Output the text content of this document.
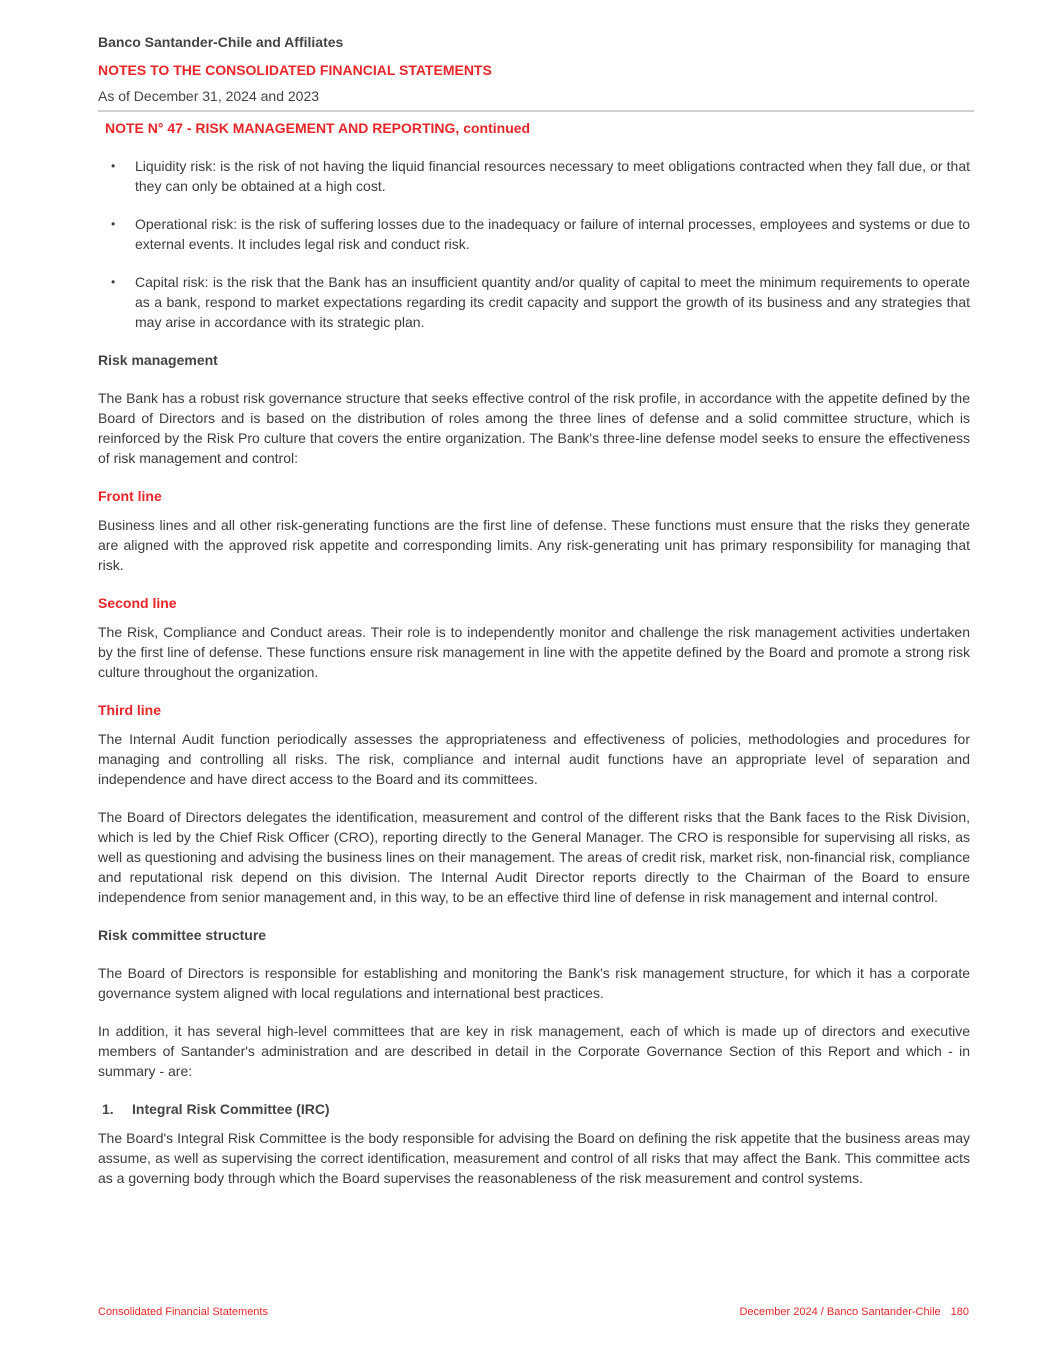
Banco Santander-Chile and Affiliates
NOTES TO THE CONSOLIDATED FINANCIAL STATEMENTS
As of December 31, 2024 and 2023
NOTE N° 47 - RISK MANAGEMENT AND REPORTING, continued
• Liquidity risk: is the risk of not having the liquid financial resources necessary to meet obligations contracted when they fall due, or that they can only be obtained at a high cost.
• Operational risk: is the risk of suffering losses due to the inadequacy or failure of internal processes, employees and systems or due to external events. It includes legal risk and conduct risk.
• Capital risk: is the risk that the Bank has an insufficient quantity and/or quality of capital to meet the minimum requirements to operate as a bank, respond to market expectations regarding its credit capacity and support the growth of its business and any strategies that may arise in accordance with its strategic plan.

Risk management

The Bank has a robust risk governance structure that seeks effective control of the risk profile, in accordance with the appetite defined by the Board of Directors and is based on the distribution of roles among the three lines of defense and a solid committee structure, which is reinforced by the Risk Pro culture that covers the entire organization. The Bank's three-line defense model seeks to ensure the effectiveness of risk management and control:

Front line

Business lines and all other risk-generating functions are the first line of defense. These functions must ensure that the risks they generate are aligned with the approved risk appetite and corresponding limits. Any risk-generating unit has primary responsibility for managing that risk.

Second line

The Risk, Compliance and Conduct areas. Their role is to independently monitor and challenge the risk management activities undertaken by the first line of defense. These functions ensure risk management in line with the appetite defined by the Board and promote a strong risk culture throughout the organization.

Third line

The Internal Audit function periodically assesses the appropriateness and effectiveness of policies, methodologies and procedures for managing and controlling all risks. The risk, compliance and internal audit functions have an appropriate level of separation and independence and have direct access to the Board and its committees.

The Board of Directors delegates the identification, measurement and control of the different risks that the Bank faces to the Risk Division, which is led by the Chief Risk Officer (CRO), reporting directly to the General Manager. The CRO is responsible for supervising all risks, as well as questioning and advising the business lines on their management. The areas of credit risk, market risk, non-financial risk, compliance and reputational risk depend on this division. The Internal Audit Director reports directly to the Chairman of the Board to ensure independence from senior management and, in this way, to be an effective third line of defense in risk management and internal control.

Risk committee structure

The Board of Directors is responsible for establishing and monitoring the Bank's risk management structure, for which it has a corporate governance system aligned with local regulations and international best practices.

In addition, it has several high-level committees that are key in risk management, each of which is made up of directors and executive members of Santander's administration and are described in detail in the Corporate Governance Section of this Report and which - in summary - are:

1. Integral Risk Committee (IRC)

The Board's Integral Risk Committee is the body responsible for advising the Board on defining the risk appetite that the business areas may assume, as well as supervising the correct identification, measurement and control of all risks that may affect the Bank. This committee acts as a governing body through which the Board supervises the reasonableness of the risk measurement and control systems.

Consolidated Financial Statements	December 2024 / Banco Santander-Chile 180
